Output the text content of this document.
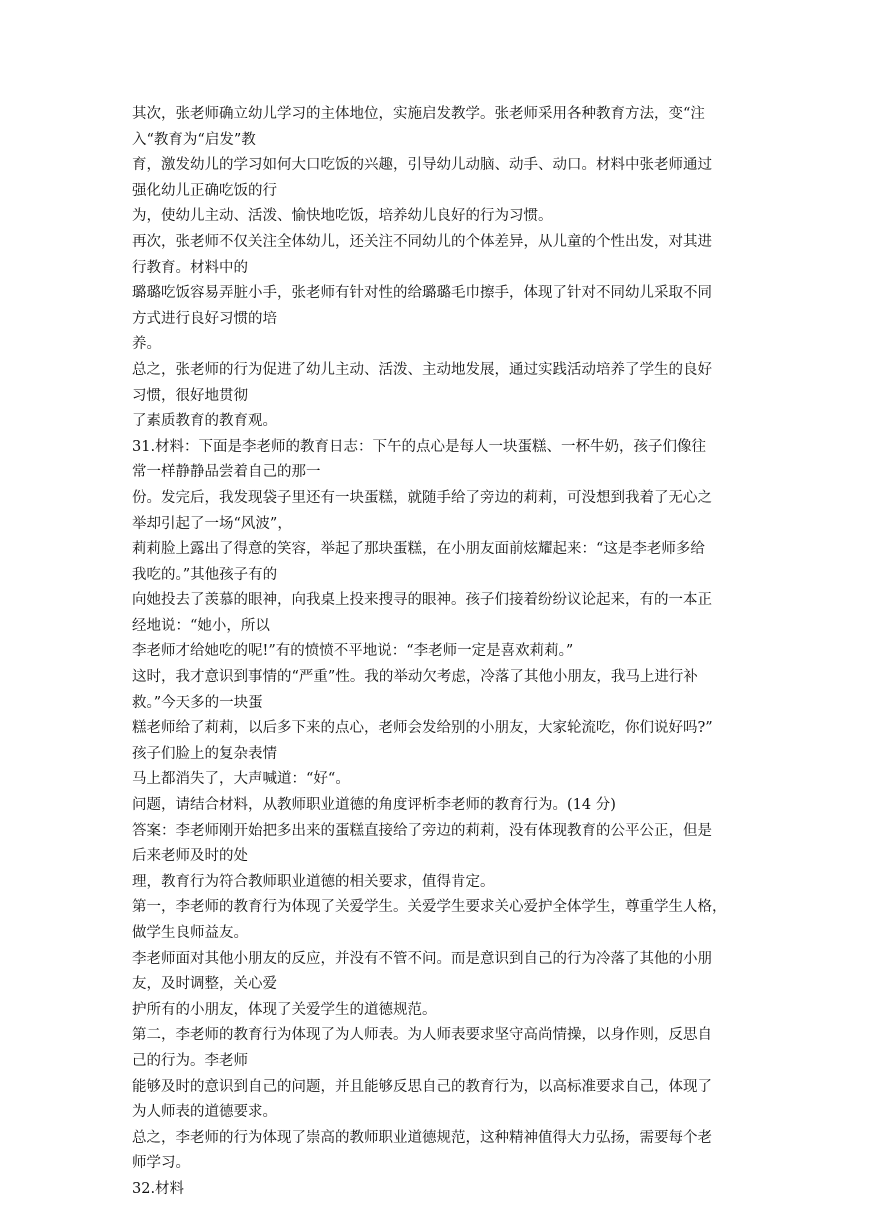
其次，张老师确立幼儿学习的主体地位，实施启发教学。张老师采用各种教育方法，变“注
入“教育为“启发”教
育，激发幼儿的学习如何大口吃饭的兴趣，引导幼儿动脑、动手、动口。材料中张老师通过
强化幼儿正确吃饭的行
为，使幼儿主动、活泼、愉快地吃饭，培养幼儿良好的行为习惯。
再次，张老师不仅关注全体幼儿，还关注不同幼儿的个体差异，从儿童的个性出发，对其进
行教育。材料中的
璐璐吃饭容易弄脏小手，张老师有针对性的给璐璐毛巾擦手，体现了针对不同幼儿采取不同
方式进行良好习惯的培
养。
总之，张老师的行为促进了幼儿主动、活泼、主动地发展，通过实践活动培养了学生的良好
习惯，很好地贯彻
了素质教育的教育观。
31.材料：下面是李老师的教育日志：下午的点心是每人一块蛋糕、一杯牛奶，孩子们像往
常一样静静品尝着自己的那一
份。发完后，我发现袋子里还有一块蛋糕，就随手给了旁边的莉莉，可没想到我着了无心之
举却引起了一场“风波”，
莉莉脸上露出了得意的笑容，举起了那块蛋糕，在小朋友面前炫耀起来：“这是李老师多给
我吃的。”其他孩子有的
向她投去了羡慕的眼神，向我桌上投来搜寻的眼神。孩子们接着纷纷议论起来，有的一本正
经地说：“她小，所以
李老师才给她吃的呢!”有的愤愤不平地说：“李老师一定是喜欢莉莉。”
这时，我才意识到事情的“严重”性。我的举动欠考虑，冷落了其他小朋友，我马上进行补
救。”今天多的一块蛋
糕老师给了莉莉，以后多下来的点心，老师会发给别的小朋友，大家轮流吃，你们说好吗?”
孩子们脸上的复杂表情
马上都消失了，大声喊道：“好“。
问题，请结合材料，从教师职业道德的角度评析李老师的教育行为。(14 分)
答案：李老师刚开始把多出来的蛋糕直接给了旁边的莉莉，没有体现教育的公平公正，但是
后来老师及时的处
理，教育行为符合教师职业道德的相关要求，值得肯定。
第一，李老师的教育行为体现了关爱学生。关爱学生要求关心爱护全体学生，尊重学生人格，
做学生良师益友。
李老师面对其他小朋友的反应，并没有不管不问。而是意识到自己的行为冷落了其他的小朋
友，及时调整，关心爱
护所有的小朋友，体现了关爱学生的道德规范。
第二，李老师的教育行为体现了为人师表。为人师表要求坚守高尚情操，以身作则，反思自
己的行为。李老师
能够及时的意识到自己的问题，并且能够反思自己的教育行为，以高标准要求自己，体现了
为人师表的道德要求。
总之，李老师的行为体现了崇高的教师职业道德规范，这种精神值得大力弘扬，需要每个老
师学习。
32.材料
